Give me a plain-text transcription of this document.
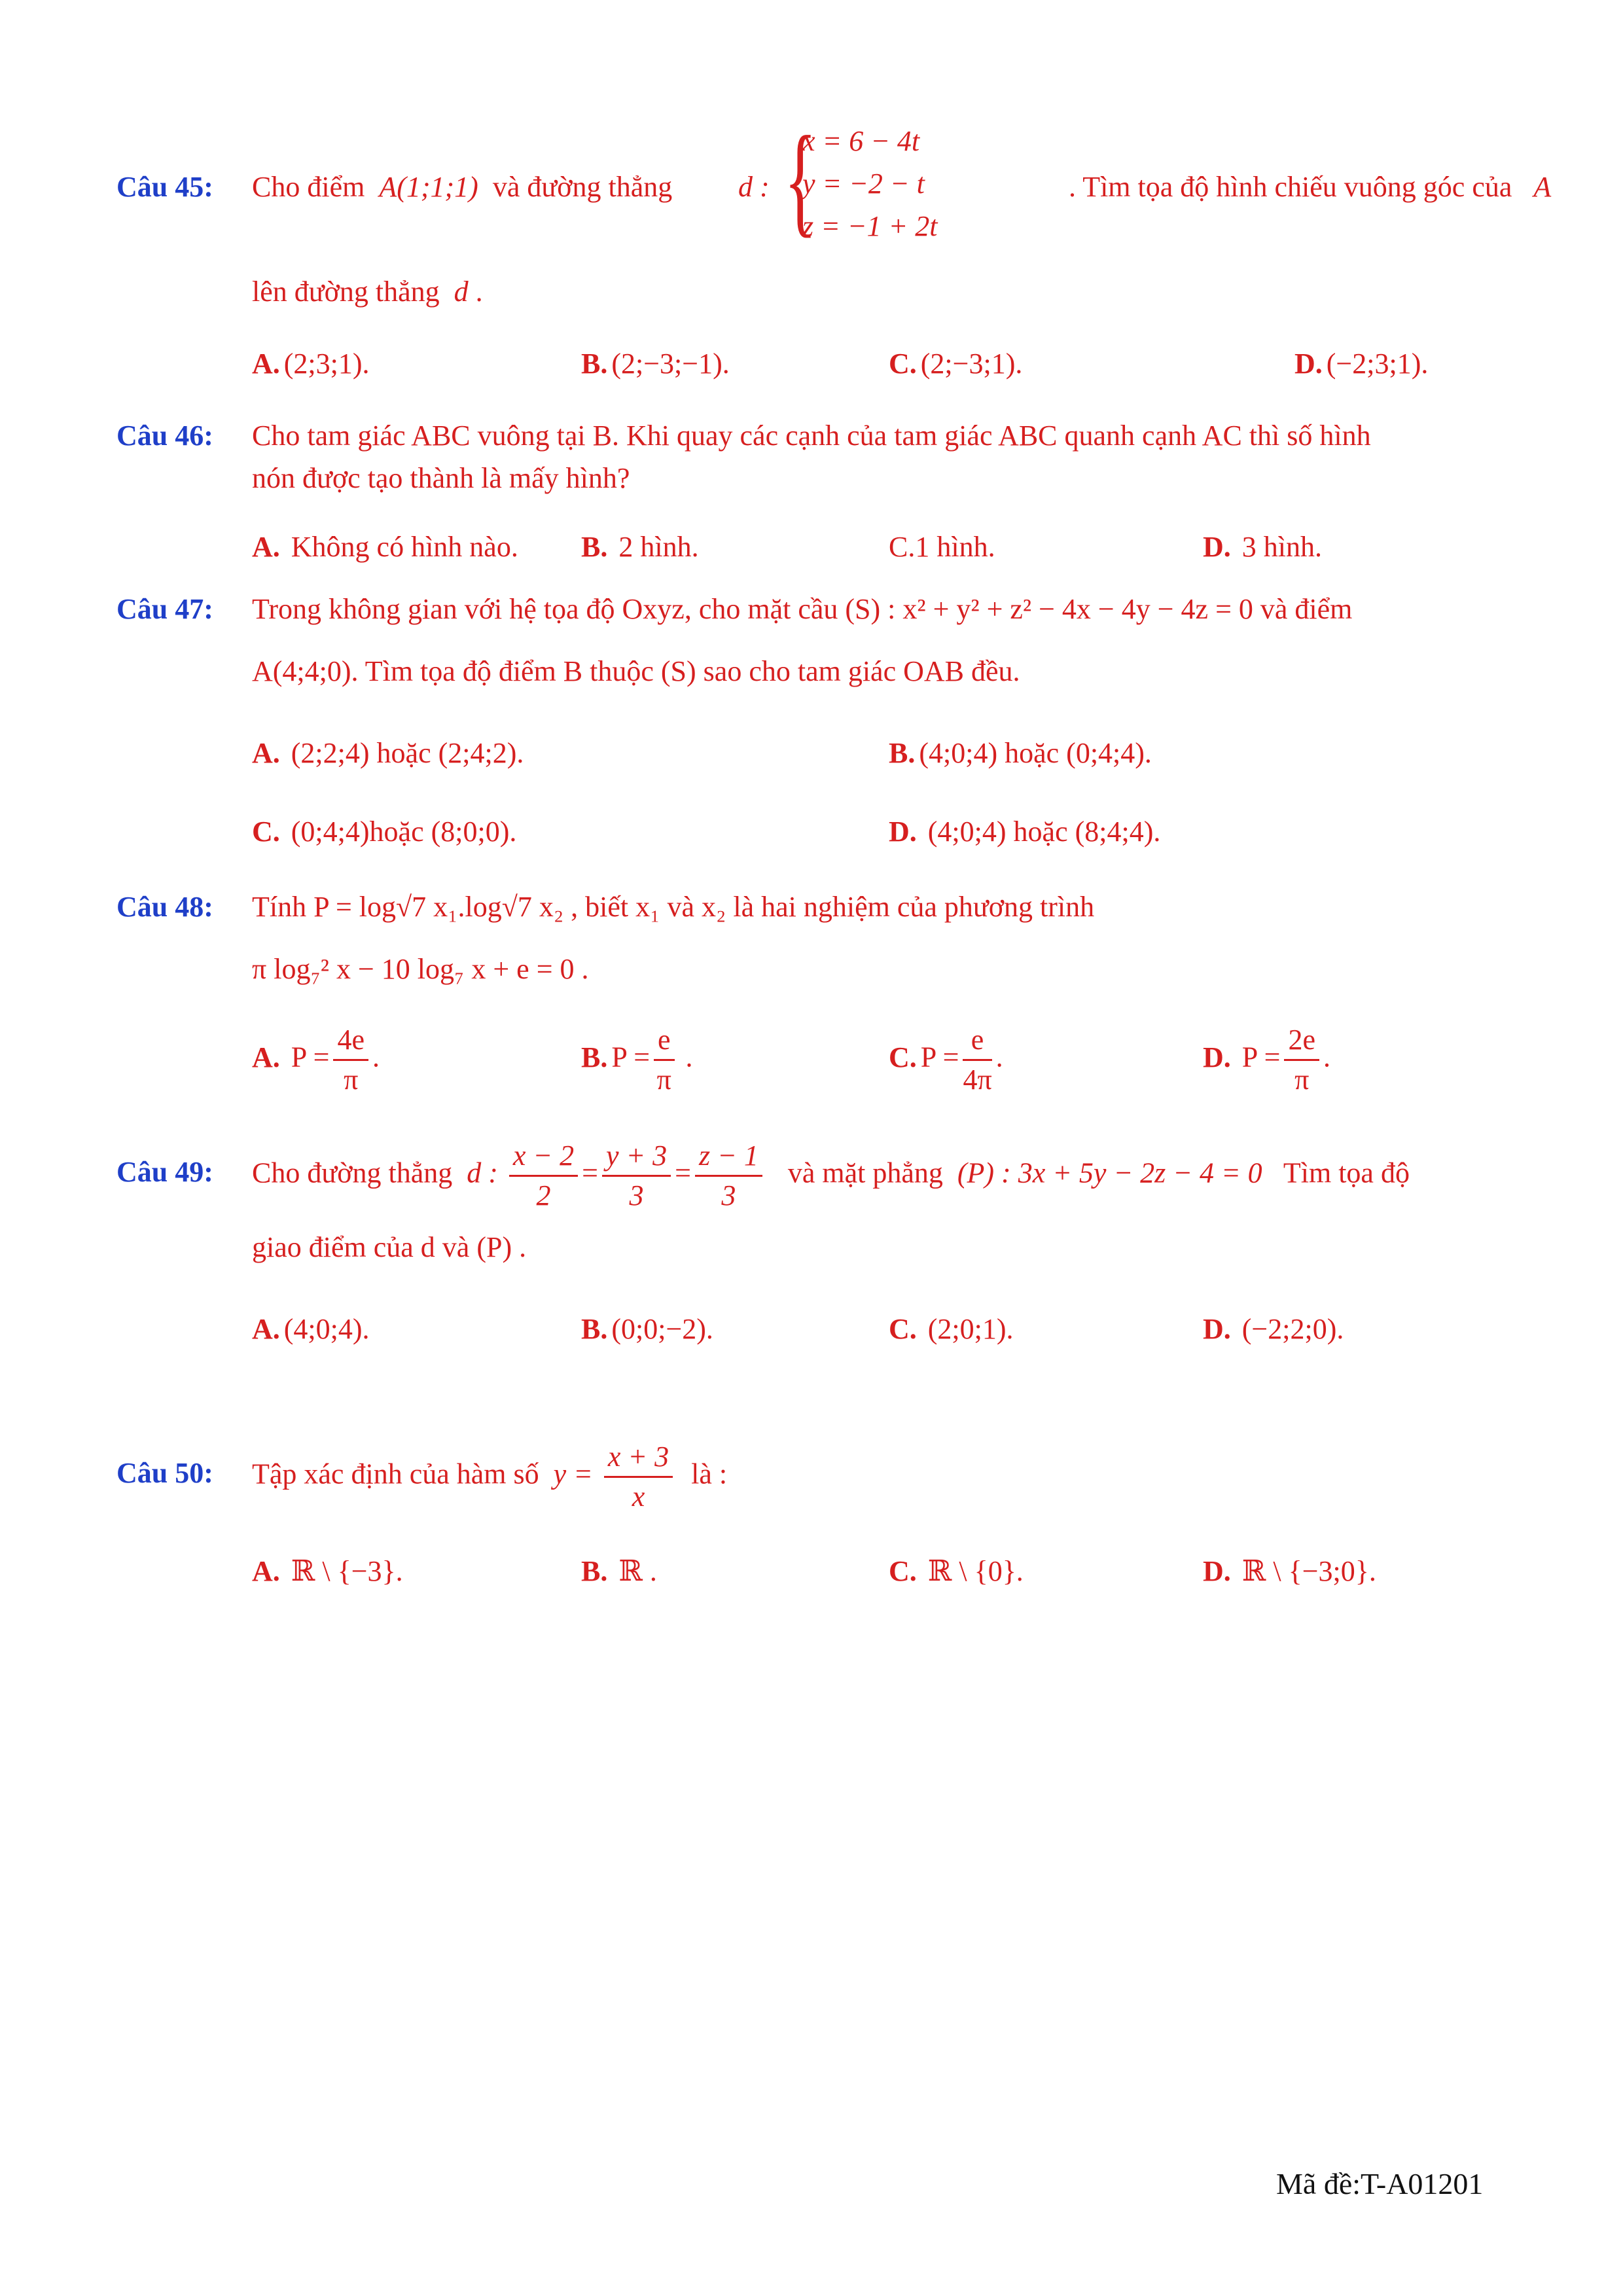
Câu 45: Cho điểm A(1;1;1) và đường thẳng d : {
x = 6 − 4t
y = −2 − t
z = −1 + 2t
. Tìm tọa độ hình chiếu vuông góc của A
lên đường thẳng d .
A. (2;3;1).	B. (2;−3;−1).	C. (2;−3;1).	D. (−2;3;1).
Câu 46: Cho tam giác ABC vuông tại B. Khi quay các cạnh của tam giác ABC quanh cạnh AC thì số hình
nón được tạo thành là mấy hình?
A. Không có hình nào. B. 2 hình.	C.1 hình.	D. 3 hình.
Câu 47: Trong không gian với hệ tọa độ Oxyz, cho mặt cầu (S) : x² + y² + z² − 4x − 4y − 4z = 0 và điểm
A(4;4;0). Tìm tọa độ điểm B thuộc (S) sao cho tam giác OAB đều.
A. (2;2;4) hoặc (2;4;2).	B. (4;0;4) hoặc (0;4;4).
C. (0;4;4)hoặc (8;0;0).	D. (4;0;4) hoặc (8;4;4).
Câu 48: Tính P = log√7 x₁.log√7 x₂ , biết x₁ và x₂ là hai nghiệm của phương trình
π log₇² x − 10 log₇ x + e = 0 .
A. $P = \frac{4e}{\pi}$ .	B. $P = \frac{e}{\pi}$ .	C. $P = \frac{e}{4\pi}$ .	D. $P = \frac{2e}{\pi}$ .
Câu 49: Cho đường thẳng d : $\frac{x - 2}{2} = \frac{y + 3}{3} = \frac{z - 1}{3}$ và mặt phẳng (P) : 3x + 5y − 2z − 4 = 0 Tìm tọa độ
giao điểm của d và (P) .
A. (4;0;4).	B. (0;0;−2).	C. (2;0;1).	D. (−2;2;0).
Câu 50: Tập xác định của hàm số $y = \frac{x + 3}{x}$ là :
A. ℝ \ {−3}.	B. ℝ .	C. ℝ \ {0}.	D. ℝ \ {−3;0}.
Mã đề:T-A01201
